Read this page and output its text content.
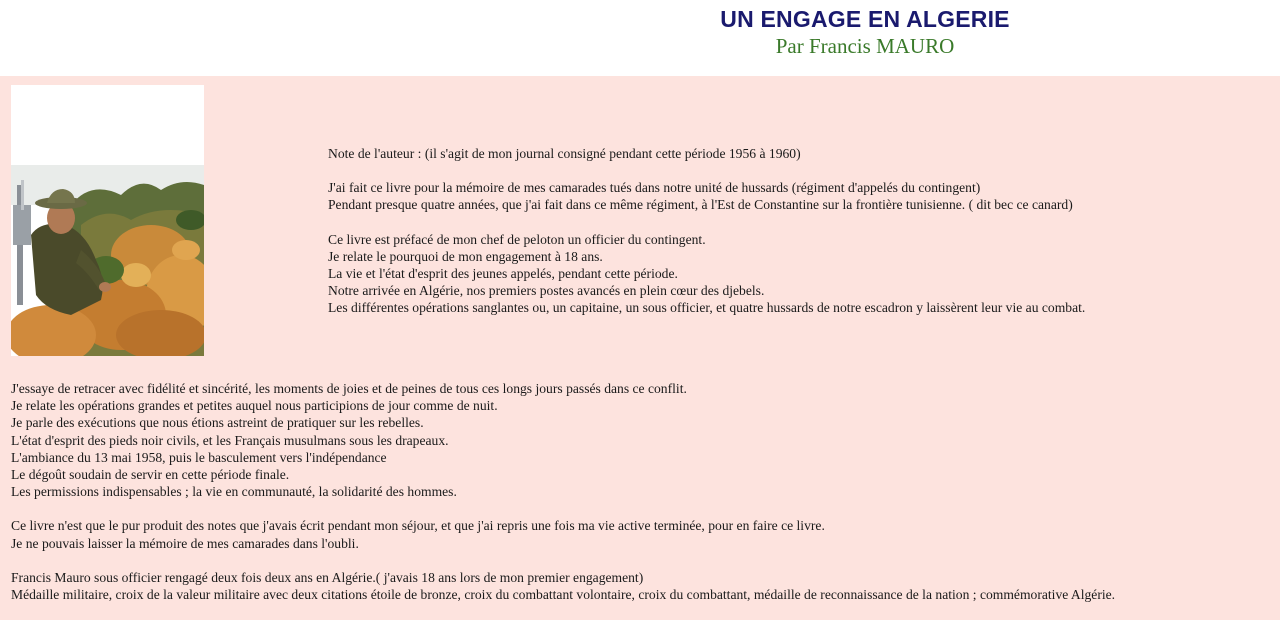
UN ENGAGE EN ALGERIE
Par Francis MAURO

Note de l'auteur : (il s'agit de mon journal consigné pendant cette période 1956 à 1960)

J'ai fait ce livre pour la mémoire de mes camarades tués dans notre unité de hussards (régiment d'appelés du contingent)
Pendant presque quatre années, que j'ai fait dans ce même régiment, à l'Est de Constantine sur la frontière tunisienne. ( dit bec ce canard)

Ce livre est préfacé de mon chef de peloton un officier du contingent.
Je relate le pourquoi de mon engagement à 18 ans.
La vie et l'état d'esprit des jeunes appelés, pendant cette période.
Notre arrivée en Algérie, nos premiers postes avancés en plein cœur des djebels.
Les différentes opérations sanglantes ou, un capitaine, un sous officier, et quatre hussards de notre escadron y laissèrent leur vie au combat.

J'essaye de retracer avec fidélité et sincérité, les moments de joies et de peines de tous ces longs jours passés dans ce conflit.
Je relate les opérations grandes et petites auquel nous participions de jour comme de nuit.
Je parle des exécutions que nous étions astreint de pratiquer sur les rebelles.
L'état d'esprit des pieds noir civils, et les Français musulmans sous les drapeaux.
L'ambiance du 13 mai 1958, puis le basculement vers l'indépendance
Le dégoût soudain de servir en cette période finale.
Les permissions indispensables ; la vie en communauté, la solidarité des hommes.

Ce livre n'est que le pur produit des notes que j'avais écrit pendant mon séjour, et que j'ai repris une fois ma vie active terminée, pour en faire ce livre.
Je ne pouvais laisser la mémoire de mes camarades dans l'oubli.

Francis Mauro sous officier rengagé deux fois deux ans en Algérie.( j'avais 18 ans lors de mon premier engagement)
Médaille militaire, croix de la valeur militaire avec deux citations étoile de bronze, croix du combattant volontaire, croix du combattant, médaille de reconnaissance de la nation ; commémorative Algérie.
